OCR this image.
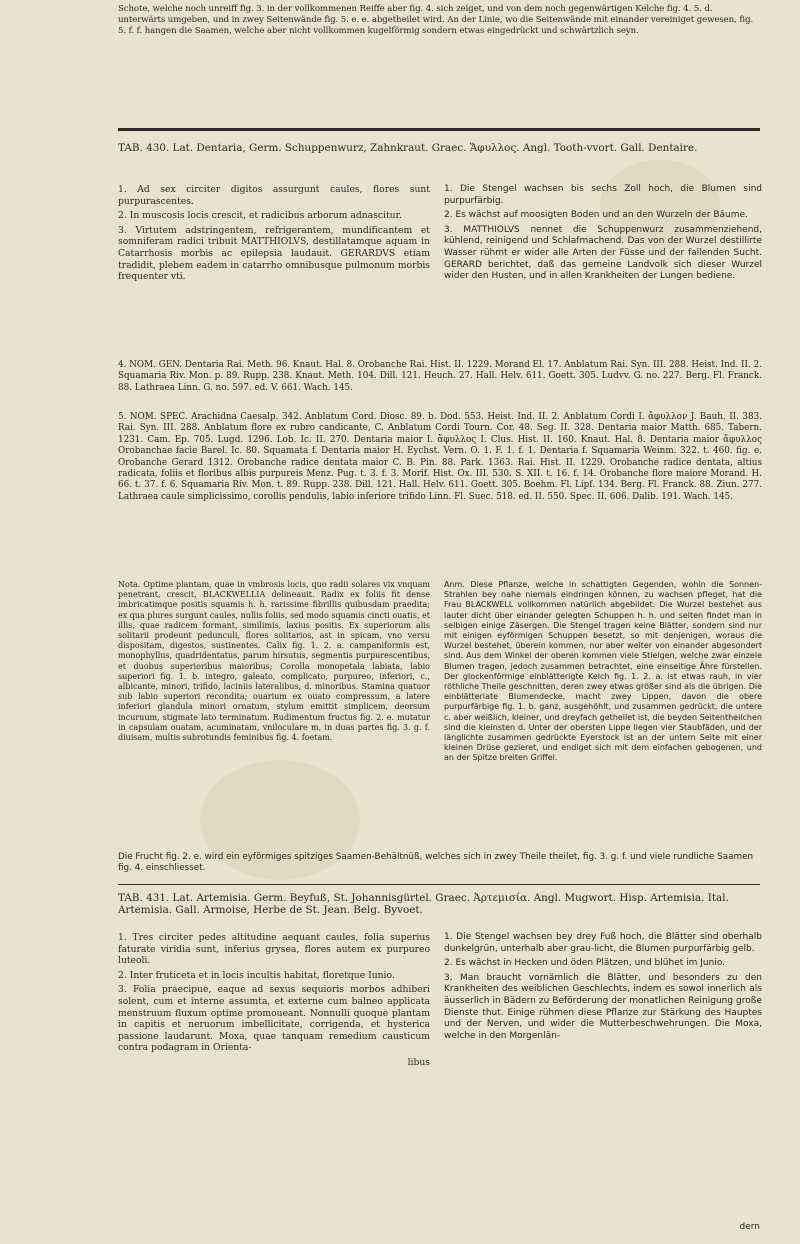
Schote, welche noch unreiff fig. 3. in der vollkommenen Reiffe aber fig. 4. sich zeiget, und von dem noch gegenwärtigen Kelche fig. 4. 5. d. unterwärts umgeben, und in zwey Seitenwände fig. 5. e. e. abgetheilet wird. An der Linie, wo die Seitenwände mit einander vereiniget gewesen, fig. 5. f. f. hangen die Saamen, welche aber nicht vollkommen kugelförmig sondern etwas eingedrückt und schwärtzlich seyn.

TAB. 430. Lat. Dentaria, Germ. Schuppenwurz, Zahnkraut. Graec. Ἄφυλλος. Angl. Tooth-vvort. Gall. Dentaire.

1. Ad sex circiter digitos assurgunt caules, flores sunt purpurascentes.

2. In muscosis locis crescit, et radicibus arborum adnascitur.

3. Virtutem adstringentem, refrigerantem, mundificantem et somniferam radici tribuit MATTHIOLVS, destillatamque aquam in Catarrhosis morbis ac epilepsia laudauit. GERARDVS etiam tradidit, plebem eadem in catarrho omnibusque pulmonum morbis frequenter vti.

1. Die Stengel wachsen bis sechs Zoll hoch, die Blumen sind purpurfärbig.

2. Es wächst auf moosigten Boden und an den Wurzeln der Bäume.

3. MATTHIOLVS nennet die Schuppenwurz zusammenziehend, kühlend, reinigend und Schlafmachend. Das von der Wurzel destillirte Wasser rühmt er wider alle Arten der Füsse und der fallenden Sucht. GERARD berichtet, daß das gemeine Landvolk sich dieser Wurzel wider den Husten, und in allen Krankheiten der Lungen bediene.

4. NOM. GEN. Dentaria Rai. Meth. 96. Knaut. Hal. 8. Orobanche Rai. Hist. II. 1229. Morand El. 17. Anblatum Rai. Syn. III. 288. Heist. Ind. II. 2. Squamaria Riv. Mon. p. 89. Rupp. 238. Knaut. Meth. 104. Dill. 121. Heuch. 27. Hall. Helv. 611. Goett. 305. Ludvv. G. no. 227. Berg. Fl. Franck. 88. Lathraea Linn. G. no. 597. ed. V. 661. Wach. 145.

5. NOM. SPEC. Arachidna Caesalp. 342. Anblatum Cord. Diosc. 89. b. Dod. 553. Heist. Ind. II. 2. Anblatum Cordi I. ἄφυλλον J. Bauh. II. 383. Rai. Syn. III. 288. Anblatum flore ex rubro candicante, C. Anblatum Cordi Tourn. Cor. 48. Seg. II. 328. Dentaria maior Matth. 685. Tabern. 1231. Cam. Ep. 705. Lugd. 1296. Lob. Ic. II. 270. Dentaria maior I. ἄφυλλος I. Clus. Hist. II. 160. Knaut. Hal. 8. Dentaria maior ἄφυλλος Orobanchae facie Barel. Ic. 80. Squamata f. Dentaria maior H. Eychst. Vern. O. 1. F. 1. f. 1. Dentaria f. Squamaria Weinm. 322. t. 460. fig. e. Orobanche Gerard 1312. Orobanche radice dentata maior C. B. Pin. 88. Park. 1363. Rai. Hist. II. 1229. Orobanche radice dentata, altius radicata, foliis et floribus albis purpureis Menz. Pug. t. 3. f. 3. Morif. Hist. Ox. III. 530. S. XII. t. 16. f. 14. Orobanche flore maiore Morand. H. 66. t. 37. f. 6. Squamaria Riv. Mon. t. 89. Rupp. 238. Dill. 121. Hall. Helv. 611. Goett. 305. Boehm. Fl. Lipf. 134. Berg. Fl. Franck. 88. Ziun. 277. Lathraea caule simplicissimo, corollis pendulis, labio inferiore trifido Linn. Fl. Suec. 518. ed. II. 550. Spec. II. 606. Dalib. 191. Wach. 145.

Nota. Optime plantam, quae in vmbrosis locis, quo radii solares vix vnquam penetrant, crescit, BLACKWELLIA delineauit. Radix ex foliis fit dense imbricatimque positis squamis h. h. rarissime fibrillis quibusdam praedita; ex qua plures surgunt caules, nullis foliis, sed modo squamis cincti ouatis, et illis, quae radicem formant, similimis, laxius positis. Ex superiorum alis solitarii prodeunt pedunculi, flores solitarios, ast in spicam, vno versu dispositam, digestos, sustinentes. Calix fig. 1. 2. a. campaniformis est, monophyllus, quadridentatus, parum hirsutus, segmentis purpurescentibus, et duobus superioribus maioribus; Corolla monopetala labiata, labio superiori fig. 1. b. integro, galeato, complicato, purpureo, inferiori, c., albicante, minori, trifido, laciniis lateralibus, d. minoribus. Stamina quatuor sub labio superiori recondita; ouarium ex ouato compressum, a latere inferiori glandula minori ornatum, stylum emittit simplicem, deorsum incuruum, stigmate lato terminatum. Rudimentum fructus fig. 2. e. mutatur in capsulam ouatam, acuminatam, vniloculare m, in duas partes fig. 3. g. f. diuisam, multis subrotundis feminibus fig. 4. foetam.
Anm. Diese Pflanze, welche in schattigten Gegenden, wohin die Sonnen-Strahlen bey nahe niemals eindringen können, zu wachsen pfleget, hat die Frau BLACKWELL vollkommen natürlich abgebildet. Die Wurzel bestehet aus lauter dicht über einander gelegten Schuppen h. h. und selten findet man in selbigen einige Zäsergen. Die Stengel tragen keine Blätter, sondern sind nur mit einigen eyförmigen Schuppen besetzt, so mit denjenigen, woraus die Wurzel bestehet, überein kommen, nur aber weiter von einander abgesondert sind. Aus dem Winkel der oberen kommen viele Stielgen, welche zwar einzele Blumen tragen, jedoch zusammen betrachtet, eine einseitige Ähre fürstellen. Der glockenförmige einblätterigte Kelch fig. 1. 2. a. ist etwas rauh, in vier röthliche Theile geschnitten, deren zwey etwas größer sind als die übrigen. Die einblätteriate Blumendecke, macht zwey Lippen, davon die obere purpurfärbige fig. 1. b. ganz, ausgehöhlt, und zusammen gedrückt, die untere c. aber weißlich, kleiner, und dreyfach getheilet ist, die beyden Seitentheilchen sind die kleinsten d. Unter der obersten Lippe liegen vier Staubfäden, und der länglichte zusammen gedrückte Eyerstock ist an der untern Seite mit einer kleinen Drüse gezieret, und endiget sich mit dem einfachen gebogenen, und an der Spitze breiten Griffel.
Die Frucht fig. 2. e. wird ein eyförmiges spitziges Saamen-Behältnüß, welches sich in zwey Theile theilet, fig. 3. g. f. und viele rundliche Saamen fig. 4. einschliesset.
TAB. 431. Lat. Artemisia. Germ. Beyfuß, St. Johannisgürtel. Graec. Ἀρτεμισία. Angl. Mugwort. Hisp. Artemisia. Ital. Artemisia. Gall. Armoise, Herbe de St. Jean. Belg. Byvoet.

1. Tres circiter pedes altitudine aequant caules, folia superius faturate viridia sunt, inferius grysea, flores autem ex purpureo luteoli.

2. Inter fruticeta et in locis incultis habitat, floretque Iunio.

3. Folia praecipue, eaque ad sexus sequioris morbos adhiberi solent, cum et interne assumta, et externe cum balneo applicata menstruum fluxum optime promoueant. Nonnulli quoque plantam in capitis et neruorum imbellicitate, corrigenda, et hysterica passione laudarunt. Moxa, quae tanquam remedium causticum contra podagram in Orienta-

libus

1. Die Stengel wachsen bey drey Fuß hoch, die Blätter sind oberhalb dunkelgrün, unterhalb aber grau-licht, die Blumen purpurfärbig gelb.

2. Es wächst in Hecken und öden Plätzen, und blühet im Junio.

3. Man braucht vornämlich die Blätter, und besonders zu den Krankheiten des weiblichen Geschlechts, indem es sowol innerlich als äusserlich in Bädern zu Beförderung der monatlichen Reinigung große Dienste thut. Einige rühmen diese Pflanze zur Stärkung des Hauptes und der Nerven, und wider die Mutterbeschwehrungen. Die Moxa, welche in den Morgenlän-

dern
